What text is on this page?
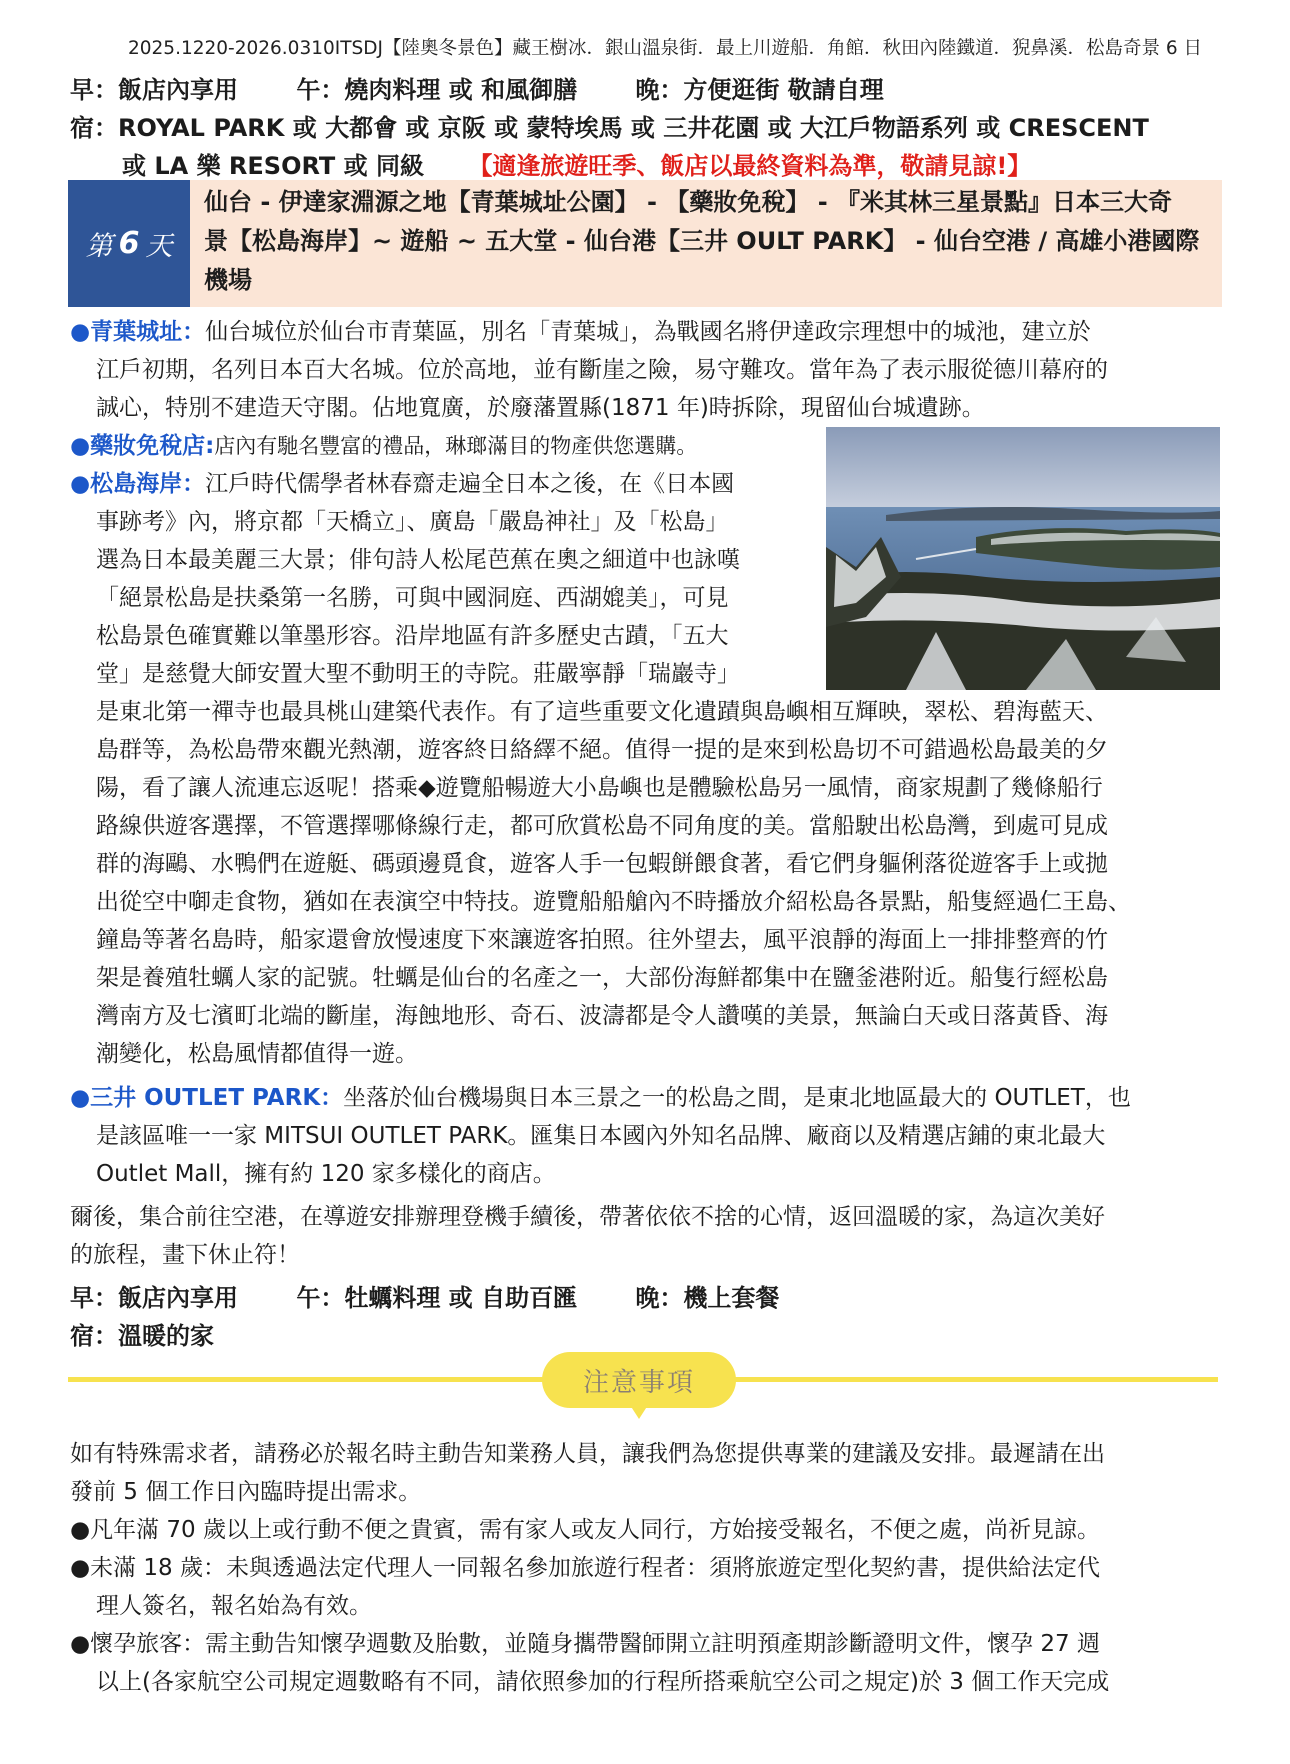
2025.1220-2026.0310ITSDJ【陸奧冬景色】藏王樹冰．銀山溫泉街．最上川遊船．角館．秋田內陸鐵道．猊鼻溪．松島奇景 6 日
早：飯店內享用 午：燒肉料理 或 和風御膳 晚：方便逛街 敬請自理
宿：ROYAL PARK 或 大都會 或 京阪 或 蒙特埃馬 或 三井花園 或 大江戶物語系列 或 CRESCENT
或 LA 樂 RESORT 或 同級 【適逢旅遊旺季、飯店以最終資料為準，敬請見諒!】
第 6 天
仙台 - 伊達家淵源之地【青葉城址公園】 - 【藥妝免稅】 - 『米其林三星景點』日本三大奇
景【松島海岸】~ 遊船 ~ 五大堂 - 仙台港【三井 OULT PARK】 - 仙台空港 / 高雄小港國際
機場
●青葉城址：仙台城位於仙台市青葉區，別名「青葉城」，為戰國名將伊達政宗理想中的城池，建立於
江戶初期，名列日本百大名城。位於高地，並有斷崖之險，易守難攻。當年為了表示服從德川幕府的
誠心，特別不建造天守閣。佔地寬廣，於廢藩置縣(1871 年)時拆除，現留仙台城遺跡。
●藥妝免稅店:店內有馳名豐富的禮品，琳瑯滿目的物產供您選購。
●松島海岸：江戶時代儒學者林春齋走遍全日本之後，在《日本國
事跡考》內，將京都「天橋立」、廣島「嚴島神社」及「松島」
選為日本最美麗三大景；俳句詩人松尾芭蕉在奧之細道中也詠嘆
「絕景松島是扶桑第一名勝，可與中國洞庭、西湖媲美」，可見
松島景色確實難以筆墨形容。沿岸地區有許多歷史古蹟，「五大
堂」是慈覺大師安置大聖不動明王的寺院。莊嚴寧靜「瑞巖寺」
是東北第一禪寺也最具桃山建築代表作。有了這些重要文化遺蹟與島嶼相互輝映，翠松、碧海藍天、
島群等，為松島帶來觀光熱潮，遊客終日絡繹不絕。值得一提的是來到松島切不可錯過松島最美的夕
陽，看了讓人流連忘返呢！搭乘◆遊覽船暢遊大小島嶼也是體驗松島另一風情，商家規劃了幾條船行
路線供遊客選擇，不管選擇哪條線行走，都可欣賞松島不同角度的美。當船駛出松島灣，到處可見成
群的海鷗、水鴨們在遊艇、碼頭邊覓食，遊客人手一包蝦餅餵食著，看它們身軀俐落從遊客手上或拋
出從空中啣走食物，猶如在表演空中特技。遊覽船船艙內不時播放介紹松島各景點，船隻經過仁王島、
鐘島等著名島時，船家還會放慢速度下來讓遊客拍照。往外望去，風平浪靜的海面上一排排整齊的竹
架是養殖牡蠣人家的記號。牡蠣是仙台的名產之一，大部份海鮮都集中在鹽釜港附近。船隻行經松島
灣南方及七濱町北端的斷崖，海蝕地形、奇石、波濤都是令人讚嘆的美景，無論白天或日落黃昏、海
潮變化，松島風情都值得一遊。
●三井 OUTLET PARK：坐落於仙台機場與日本三景之一的松島之間，是東北地區最大的 OUTLET，也
是該區唯一一家 MITSUI OUTLET PARK。匯集日本國內外知名品牌、廠商以及精選店鋪的東北最大
Outlet Mall，擁有約 120 家多樣化的商店。
爾後，集合前往空港，在導遊安排辦理登機手續後，帶著依依不捨的心情，返回溫暖的家，為這次美好
的旅程，畫下休止符！
早：飯店內享用 午：牡蠣料理 或 自助百匯 晚：機上套餐
宿：溫暖的家
注意事項
如有特殊需求者，請務必於報名時主動告知業務人員，讓我們為您提供專業的建議及安排。最遲請在出
發前 5 個工作日內臨時提出需求。
●凡年滿 70 歲以上或行動不便之貴賓，需有家人或友人同行，方始接受報名，不便之處，尚祈見諒。
●未滿 18 歲：未與透過法定代理人一同報名參加旅遊行程者：須將旅遊定型化契約書，提供給法定代
理人簽名，報名始為有效。
●懷孕旅客：需主動告知懷孕週數及胎數，並隨身攜帶醫師開立註明預產期診斷證明文件，懷孕 27 週
以上(各家航空公司規定週數略有不同，請依照參加的行程所搭乘航空公司之規定)於 3 個工作天完成
